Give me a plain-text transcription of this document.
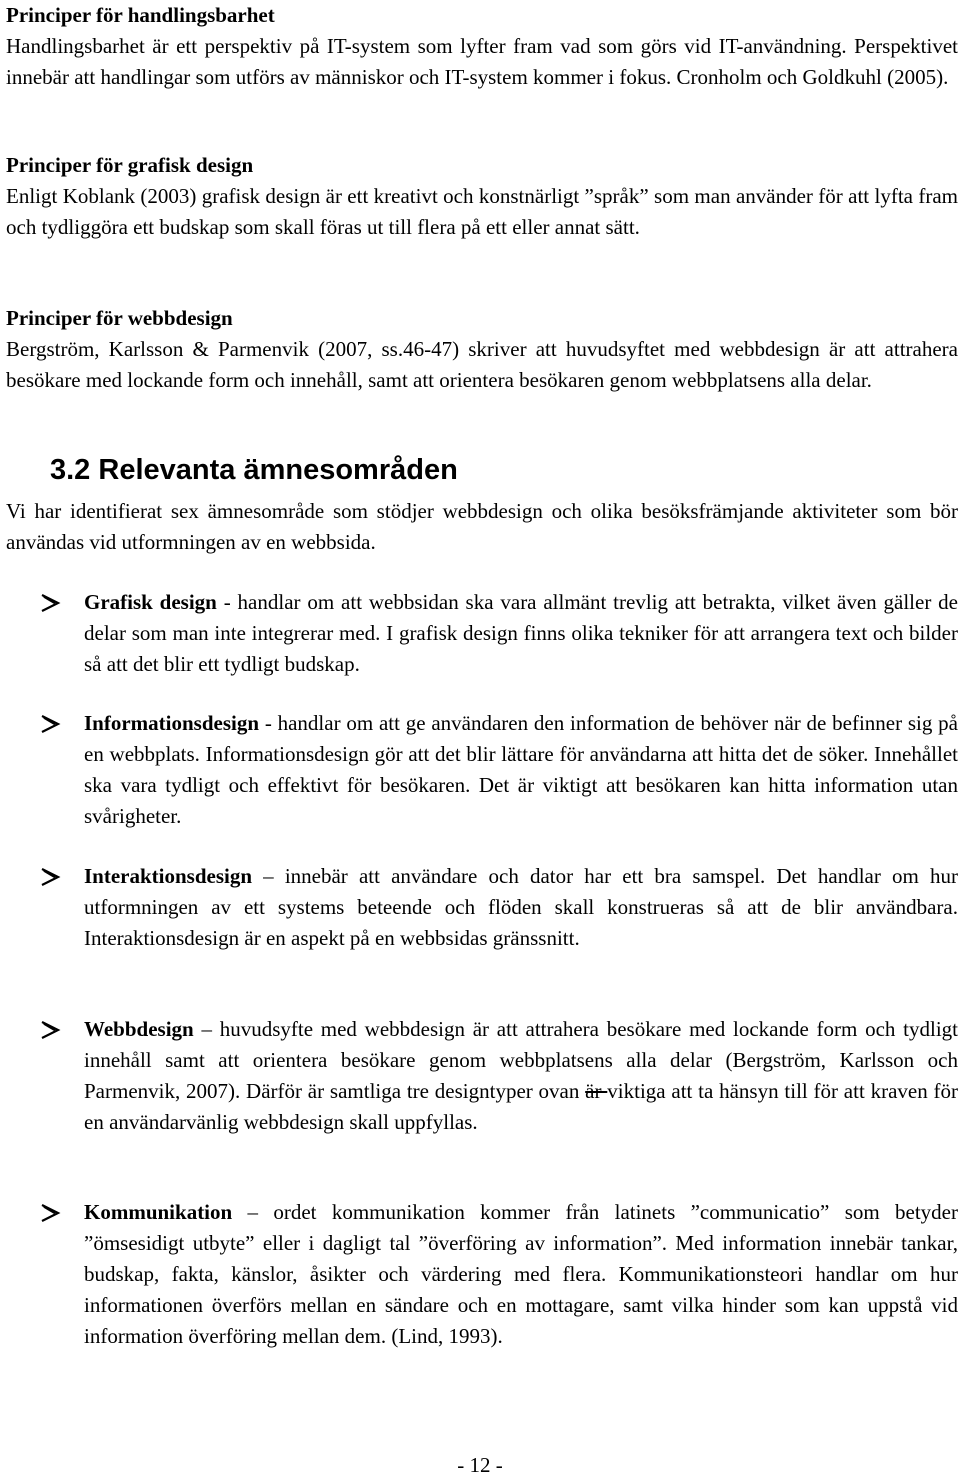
Principer för handlingsbarhet

Handlingsbarhet är ett perspektiv på IT-system som lyfter fram vad som görs vid IT-användning. Perspektivet innebär att handlingar som utförs av människor och IT-system kommer i fokus. Cronholm och Goldkuhl (2005).

Principer för grafisk design

Enligt Koblank (2003) grafisk design är ett kreativt och konstnärligt ”språk” som man använder för att lyfta fram och tydliggöra ett budskap som skall föras ut till flera på ett eller annat sätt.

Principer för webbdesign

Bergström, Karlsson & Parmenvik (2007, ss.46-47) skriver att huvudsyftet med webbdesign är att attrahera besökare med lockande form och innehåll, samt att orientera besökaren genom webbplatsens alla delar.

3.2 Relevanta ämnesområden

Vi har identifierat sex ämnesområde som stödjer webbdesign och olika besöksfrämjande aktiviteter som bör användas vid utformningen av en webbsida.

Grafisk design - handlar om att webbsidan ska vara allmänt trevlig att betrakta, vilket även gäller de delar som man inte integrerar med. I grafisk design finns olika tekniker för att arrangera text och bilder så att det blir ett tydligt budskap.

Informationsdesign - handlar om att ge användaren den information de behöver när de befinner sig på en webbplats. Informationsdesign gör att det blir lättare för användarna att hitta det de söker. Innehållet ska vara tydligt och effektivt för besökaren. Det är viktigt att besökaren kan hitta information utan svårigheter.

Interaktionsdesign – innebär att användare och dator har ett bra samspel. Det handlar om hur utformningen av ett systems beteende och flöden skall konstrueras så att de blir användbara. Interaktionsdesign är en aspekt på en webbsidas gränssnitt.

Webbdesign – huvudsyfte med webbdesign är att attrahera besökare med lockande form och tydligt innehåll samt att orientera besökare genom webbplatsens alla delar (Bergström, Karlsson och Parmenvik, 2007). Därför är samtliga tre designtyper ovan är viktiga att ta hänsyn till för att kraven för en användarvänlig webbdesign skall uppfyllas.

Kommunikation – ordet kommunikation kommer från latinets ”communicatio” som betyder ”ömsesidigt utbyte” eller i dagligt tal ”överföring av information”. Med information innebär tankar, budskap, fakta, känslor, åsikter och värdering med flera. Kommunikationsteori handlar om hur informationen överförs mellan en sändare och en mottagare, samt vilka hinder som kan uppstå vid information överföring mellan dem. (Lind, 1993).

- 12 -
